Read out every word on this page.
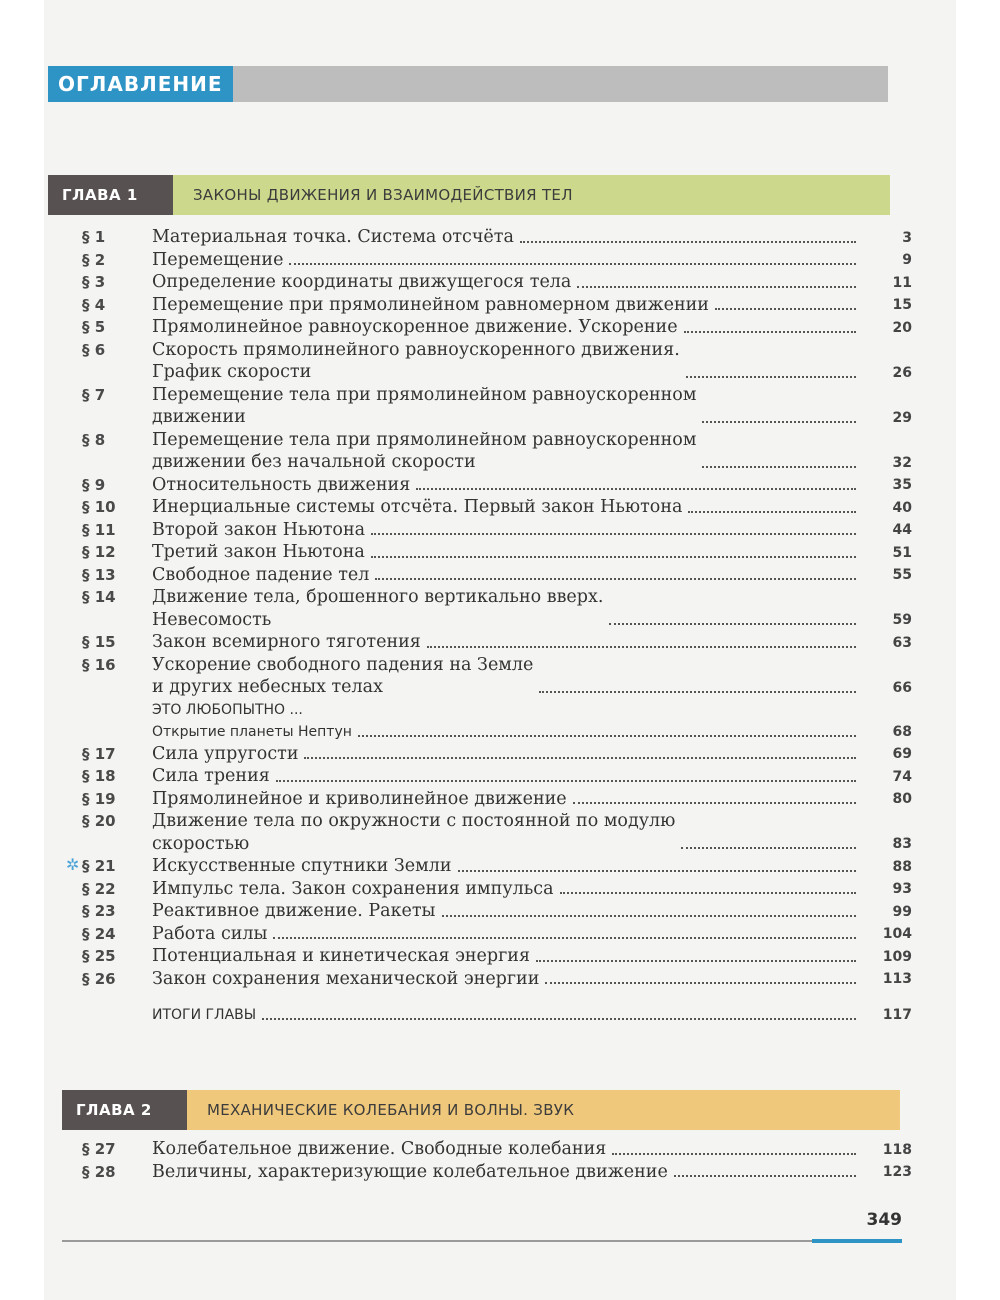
ОГЛАВЛЕНИЕ
ГЛАВА 1	ЗАКОНЫ ДВИЖЕНИЯ И ВЗАИМОДЕЙСТВИЯ ТЕЛ
§ 1	Материальная точка. Система отсчёта	3
§ 2	Перемещение	9
§ 3	Определение координаты движущегося тела	11
§ 4	Перемещение при прямолинейном равномерном движении	15
§ 5	Прямолинейное равноускоренное движение. Ускорение	20
§ 6	Скорость прямолинейного равноускоренного движения.
График скорости	26
§ 7	Перемещение тела при прямолинейном равноускоренном
движении	29
§ 8	Перемещение тела при прямолинейном равноускоренном
движении без начальной скорости	32
§ 9	Относительность движения	35
§ 10	Инерциальные системы отсчёта. Первый закон Ньютона	40
§ 11	Второй закон Ньютона	44
§ 12	Третий закон Ньютона	51
§ 13	Свободное падение тел	55
§ 14	Движение тела, брошенного вертикально вверх.
Невесомость	59
§ 15	Закон всемирного тяготения	63
§ 16	Ускорение свободного падения на Земле
и других небесных телах	66
ЭТО ЛЮБОПЫТНО ...
Открытие планеты Нептун	68
§ 17	Сила упругости	69
§ 18	Сила трения	74
§ 19	Прямолинейное и криволинейное движение	80
§ 20	Движение тела по окружности с постоянной по модулю
скоростью	83
✲ § 21	Искусственные спутники Земли	88
§ 22	Импульс тела. Закон сохранения импульса	93
§ 23	Реактивное движение. Ракеты	99
§ 24	Работа силы	104
§ 25	Потенциальная и кинетическая энергия	109
§ 26	Закон сохранения механической энергии	113
ИТОГИ ГЛАВЫ	117
ГЛАВА 2	МЕХАНИЧЕСКИЕ КОЛЕБАНИЯ И ВОЛНЫ. ЗВУК
§ 27	Колебательное движение. Свободные колебания	118
§ 28	Величины, характеризующие колебательное движение	123
349
